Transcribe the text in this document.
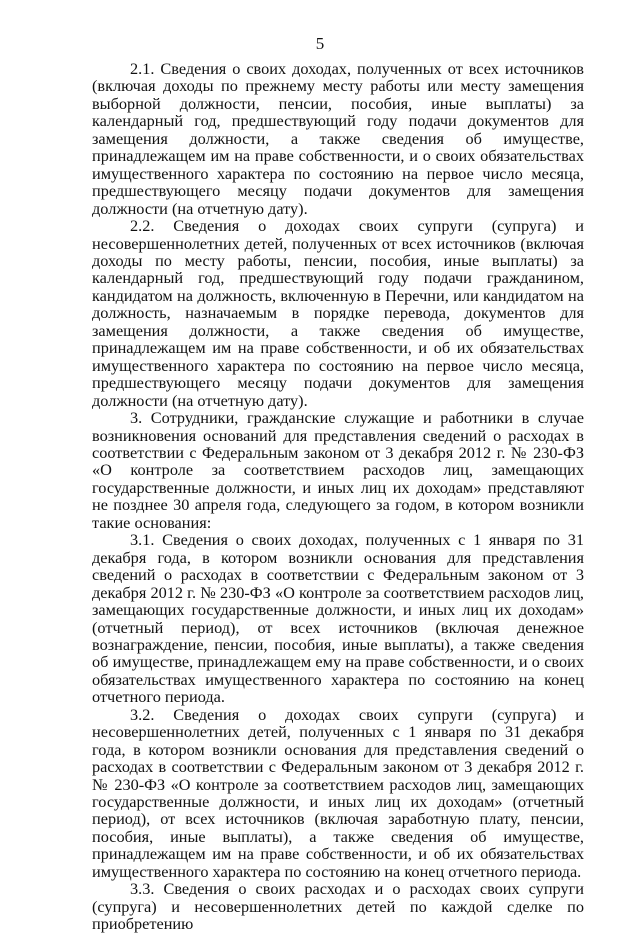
5

2.1. Сведения о своих доходах, полученных от всех источников (включая доходы по прежнему месту работы или месту замещения выборной должности, пенсии, пособия, иные выплаты) за календарный год, предшествующий году подачи документов для замещения должности, а также сведения об имуществе, принадлежащем им на праве собственности, и о своих обязательствах имущественного характера по состоянию на первое число месяца, предшествующего месяцу подачи документов для замещения должности (на отчетную дату).

2.2. Сведения о доходах своих супруги (супруга) и несовершеннолетних детей, полученных от всех источников (включая доходы по месту работы, пенсии, пособия, иные выплаты) за календарный год, предшествующий году подачи гражданином, кандидатом на должность, включенную в Перечни, или кандидатом на должность, назначаемым в порядке перевода, документов для замещения должности, а также сведения об имуществе, принадлежащем им на праве собственности, и об их обязательствах имущественного характера по состоянию на первое число месяца, предшествующего месяцу подачи документов для замещения должности (на отчетную дату).

3. Сотрудники, гражданские служащие и работники в случае возникновения оснований для представления сведений о расходах в соответствии с Федеральным законом от 3 декабря 2012 г. № 230-ФЗ «О контроле за соответствием расходов лиц, замещающих государственные должности, и иных лиц их доходам» представляют не позднее 30 апреля года, следующего за годом, в котором возникли такие основания:

3.1. Сведения о своих доходах, полученных с 1 января по 31 декабря года, в котором возникли основания для представления сведений о расходах в соответствии с Федеральным законом от 3 декабря 2012 г. № 230-ФЗ «О контроле за соответствием расходов лиц, замещающих государственные должности, и иных лиц их доходам» (отчетный период), от всех источников (включая денежное вознаграждение, пенсии, пособия, иные выплаты), а также сведения об имуществе, принадлежащем ему на праве собственности, и о своих обязательствах имущественного характера по состоянию на конец отчетного периода.

3.2. Сведения о доходах своих супруги (супруга) и несовершеннолетних детей, полученных с 1 января по 31 декабря года, в котором возникли основания для представления сведений о расходах в соответствии с Федеральным законом от 3 декабря 2012 г. № 230-ФЗ «О контроле за соответствием расходов лиц, замещающих государственные должности, и иных лиц их доходам» (отчетный период), от всех источников (включая заработную плату, пенсии, пособия, иные выплаты), а также сведения об имуществе, принадлежащем им на праве собственности, и об их обязательствах имущественного характера по состоянию на конец отчетного периода.

3.3. Сведения о своих расходах и о расходах своих супруги (супруга) и несовершеннолетних детей по каждой сделке по приобретению
